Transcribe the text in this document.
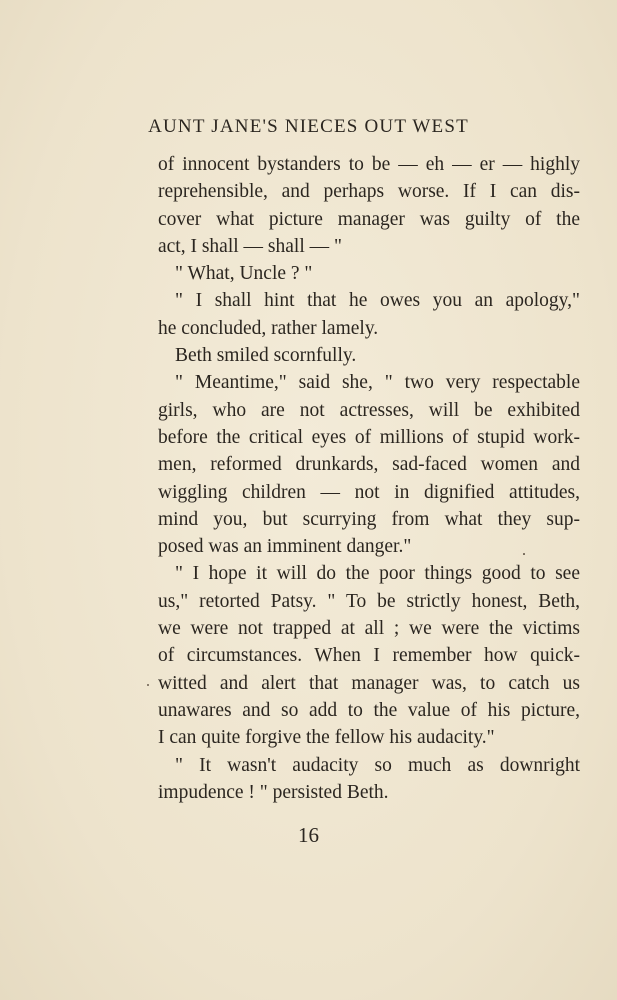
AUNT JANE'S NIECES OUT WEST
of innocent bystanders to be — eh — er — highly
reprehensible, and perhaps worse. If I can dis-
cover what picture manager was guilty of the
act, I shall — shall — "
" What, Uncle ? "
" I shall hint that he owes you an apology,"
he concluded, rather lamely.
Beth smiled scornfully.
" Meantime," said she, " two very respectable
girls, who are not actresses, will be exhibited
before the critical eyes of millions of stupid work-
men, reformed drunkards, sad-faced women and
wiggling children — not in dignified attitudes,
mind you, but scurrying from what they sup-
posed was an imminent danger."
" I hope it will do the poor things good to see
us," retorted Patsy. " To be strictly honest, Beth,
we were not trapped at all ; we were the victims
of circumstances. When I remember how quick-
witted and alert that manager was, to catch us
unawares and so add to the value of his picture,
I can quite forgive the fellow his audacity."
" It wasn't audacity so much as downright
impudence ! " persisted Beth.
16
